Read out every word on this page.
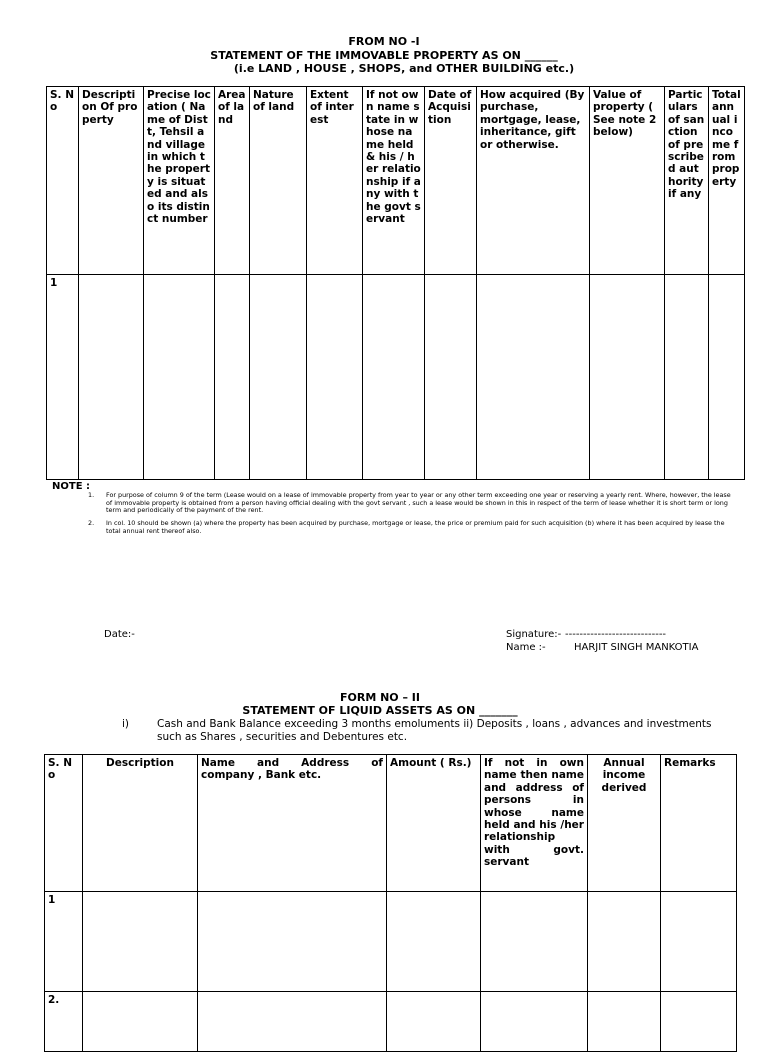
FROM NO -I
STATEMENT OF THE IMMOVABLE PROPERTY AS ON ______
(i.e LAND , HOUSE , SHOPS, and OTHER BUILDING etc.)
S. No	Description Of property	Precise location ( Name of Distt, Tehsil and village in which the property is situated and also its distinct number	Area of land	Nature of land	Extent of interest	If not own name state in whose name held & his / her relationship if any with the govt servant	Date of Acquisition	How acquired (By purchase, mortgage, lease, inheritance, gift or otherwise.	Value of property ( See note 2 below)	Particulars of sanction of prescribed authority if any	Total annual income from property
1											
NOTE :
1. For purpose of column 9 of the term (Lease would on a lease of immovable property from year to year or any other term exceeding one year or reserving a yearly rent. Where, however, the lease of immovable property is obtained from a person having official dealing with the govt servant , such a lease would be shown in this in respect of the term of lease whether it is short term or long term and periodically of the payment of the rent.
2. In col. 10 should be shown (a) where the property has been acquired by purchase, mortgage or lease, the price or premium paid for such acquisition (b) where it has been acquired by lease the total annual rent thereof also.
Date:-	Signature:- ----------------------------
Name :-	HARJIT SINGH MANKOTIA
FORM NO – II
STATEMENT OF LIQUID ASSETS AS ON _______
i)	Cash and Bank Balance exceeding 3 months emoluments ii) Deposits , loans , advances and investments such as Shares , securities and Debentures etc.
S. No	Description	Name and Address of company , Bank etc.	Amount ( Rs.)	If not in own name then name and address of persons in whose name held and his /her relationship with govt. servant	Annual income derived	Remarks
1						
2.						
